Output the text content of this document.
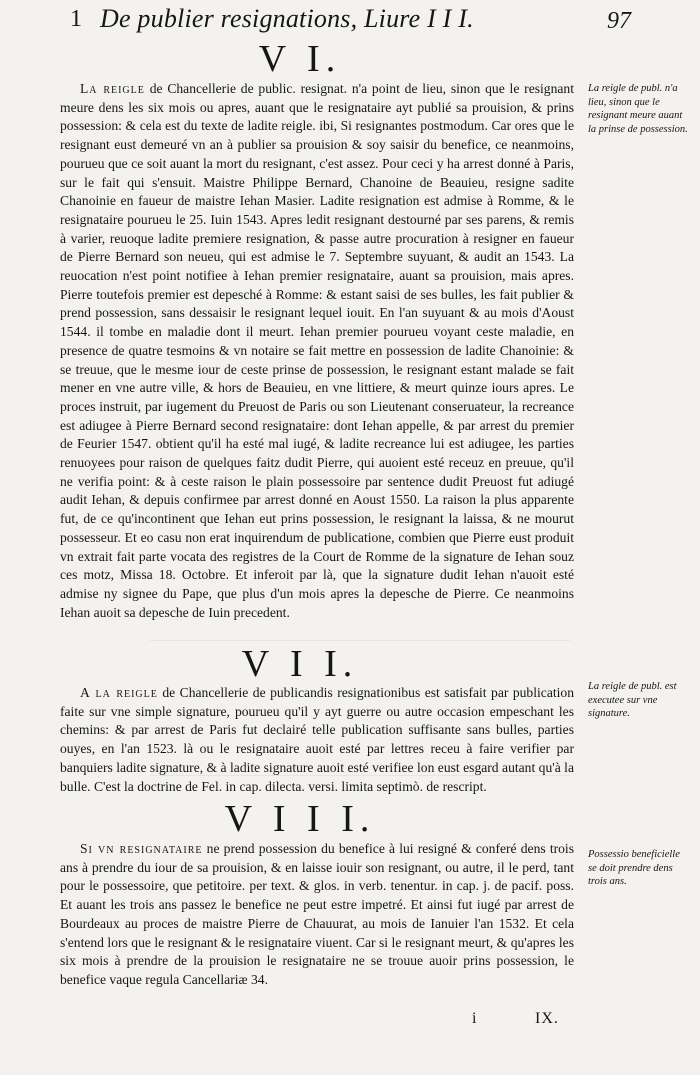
1 De publier resignations, Liure I I I.	97
V I.

La reigle de Chancellerie de public. resignat. n'a point de lieu, sinon que le resignant meure dens les six mois ou apres, auant que le resignataire ayt publié sa prouision, & prins possession: & cela est du texte de ladite reigle. ibi, Si resignantes postmodum. Car ores que le resignant eust demeuré vn an à publier sa prouision & soy saisir du benefice, ce neanmoins, pourueu que ce soit auant la mort du resignant, c'est assez. Pour ceci y ha arrest donné à Paris, sur le fait qui s'ensuit. Maistre Philippe Bernard, Chanoine de Beauieu, resigne sadite Chanoinie en faueur de maistre Iehan Masier. Ladite resignation est admise à Romme, & le resignataire pourueu le 25. Iuin 1543. Apres ledit resignant destourné par ses parens, & remis à varier, reuoque ladite premiere resignation, & passe autre procuration à resigner en faueur de Pierre Bernard son neueu, qui est admise le 7. Septembre suyuant, & audit an 1543. La reuocation n'est point notifiee à Iehan premier resignataire, auant sa prouision, mais apres. Pierre toutefois premier est depesché à Romme: & estant saisi de ses bulles, les fait publier & prend possession, sans dessaisir le resignant lequel iouit. En l'an suyuant & au mois d'Aoust 1544. il tombe en maladie dont il meurt. Iehan premier pourueu voyant ceste maladie, en presence de quatre tesmoins & vn notaire se fait mettre en possession de ladite Chanoinie: & se treuue, que le mesme iour de ceste prinse de possession, le resignant estant malade se fait mener en vne autre ville, & hors de Beauieu, en vne littiere, & meurt quinze iours apres. Le proces instruit, par iugement du Preuost de Paris ou son Lieutenant conseruateur, la recreance est adiugee à Pierre Bernard second resignataire: dont Iehan appelle, & par arrest du premier de Feurier 1547. obtient qu'il ha esté mal iugé, & ladite recreance lui est adiugee, les parties renuoyees pour raison de quelques faitz dudit Pierre, qui auoient esté receuz en preuue, qu'il ne verifia point: & à ceste raison le plain possessoire par sentence dudit Preuost fut adiugé audit Iehan, & depuis confirmee par arrest donné en Aoust 1550. La raison la plus apparente fut, de ce qu'incontinent que Iehan eut prins possession, le resignant la laissa, & ne mourut possesseur. Et eo casu non erat inquirendum de publicatione, combien que Pierre eust produit vn extrait fait parte vocata des registres de la Court de Romme de la signature de Iehan souz ces motz, Missa 18. Octobre. Et inferoit par là, que la signature dudit Iehan n'auoit esté admise ny signee du Pape, que plus d'un mois apres la depesche de Pierre. Ce neanmoins Iehan auoit sa depesche de Iuin precedent.

La reigle de publ. n'a lieu, sinon que le resignant meure auant la prinse de possession.
V I I.

A la reigle de Chancellerie de publicandis resignationibus est satisfait par publication faite sur vne simple signature, pourueu qu'il y ayt guerre ou autre occasion empeschant les chemins: & par arrest de Paris fut declairé telle publication suffisante sans bulles, parties ouyes, en l'an 1523. là ou le resignataire auoit esté par lettres receu à faire verifier par banquiers ladite signature, & à ladite signature auoit esté verifiee lon eust esgard autant qu'à la bulle. C'est la doctrine de Fel. in cap. dilecta. versi. limita septimò. de rescript.

La reigle de publ. est executee sur vne signature.
V I I I.

Si vn resignataire ne prend possession du benefice à lui resigné & conferé dens trois ans à prendre du iour de sa prouision, & en laisse iouir son resignant, ou autre, il le perd, tant pour le possessoire, que petitoire. per text. & glos. in verb. tenentur. in cap. j. de pacif. poss. Et auant les trois ans passez le benefice ne peut estre impetré. Et ainsi fut iugé par arrest de Bourdeaux au proces de maistre Pierre de Chauurat, au mois de Ianuier l'an 1532. Et cela s'entend lors que le resignant & le resignataire viuent. Car si le resignant meurt, & qu'apres les six mois à prendre de la prouision le resignataire ne se trouue auoir prins possession, le benefice vaque regula Cancellariæ 34.

Possessio beneficielle se doit prendre dens trois ans.
i	IX.
